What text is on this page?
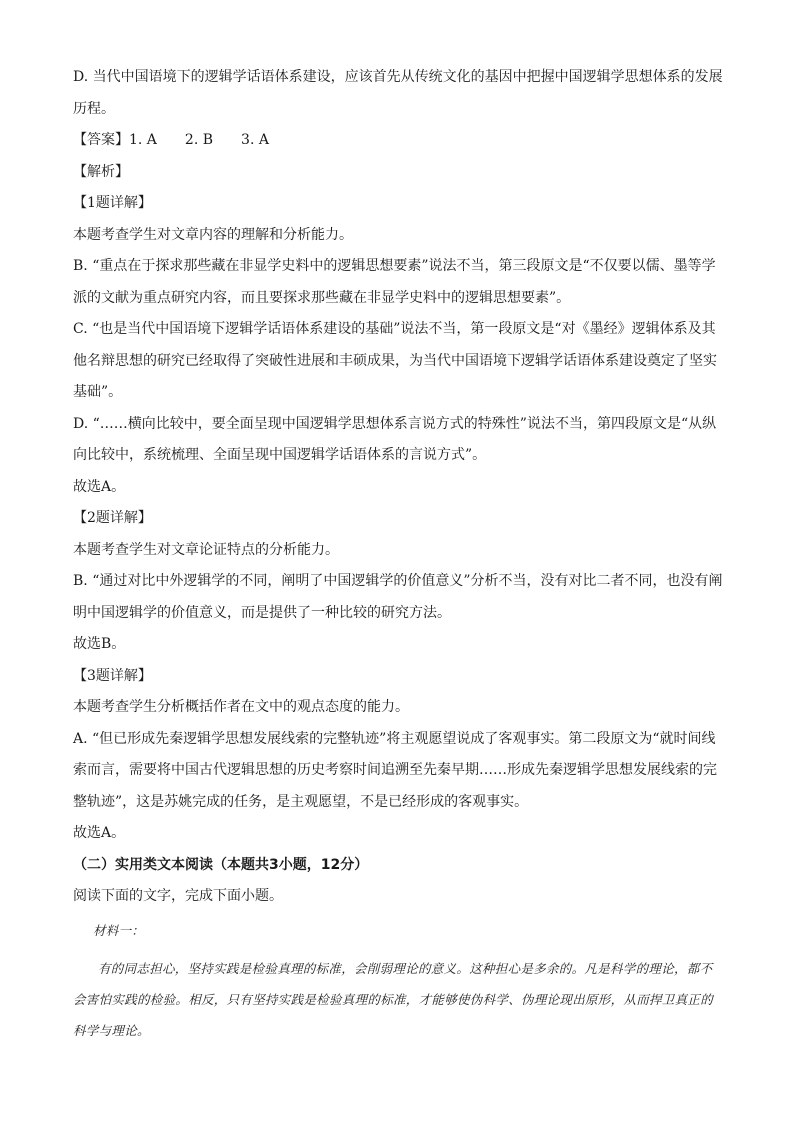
D. 当代中国语境下的逻辑学话语体系建设，应该首先从传统文化的基因中把握中国逻辑学思想体系的发展历程。

【答案】1. A 2. B 3. A

【解析】

【1题详解】

本题考查学生对文章内容的理解和分析能力。

B. “重点在于探求那些藏在非显学史料中的逻辑思想要素”说法不当，第三段原文是“不仅要以儒、墨等学派的文献为重点研究内容，而且要探求那些藏在非显学史料中的逻辑思想要素”。

C. “也是当代中国语境下逻辑学话语体系建设的基础”说法不当，第一段原文是“对《墨经》逻辑体系及其他名辩思想的研究已经取得了突破性进展和丰硕成果，为当代中国语境下逻辑学话语体系建设奠定了坚实基础”。

D. “……横向比较中，要全面呈现中国逻辑学思想体系言说方式的特殊性”说法不当，第四段原文是“从纵向比较中，系统梳理、全面呈现中国逻辑学话语体系的言说方式”。

故选A。

【2题详解】

本题考查学生对文章论证特点的分析能力。

B. “通过对比中外逻辑学的不同，阐明了中国逻辑学的价值意义”分析不当，没有对比二者不同，也没有阐明中国逻辑学的价值意义，而是提供了一种比较的研究方法。

故选B。

【3题详解】

本题考查学生分析概括作者在文中的观点态度的能力。

A. “但已形成先秦逻辑学思想发展线索的完整轨迹”将主观愿望说成了客观事实。第二段原文为“就时间线索而言，需要将中国古代逻辑思想的历史考察时间追溯至先秦早期……形成先秦逻辑学思想发展线索的完整轨迹”，这是苏姚完成的任务，是主观愿望，不是已经形成的客观事实。

故选A。

（二）实用类文本阅读（本题共3小题，12分）

阅读下面的文字，完成下面小题。

材料一：

有的同志担心，坚持实践是检验真理的标准，会削弱理论的意义。这种担心是多余的。凡是科学的理论，都不会害怕实践的检验。相反，只有坚持实践是检验真理的标准，才能够使伪科学、伪理论现出原形，从而捍卫真正的科学与理论。
